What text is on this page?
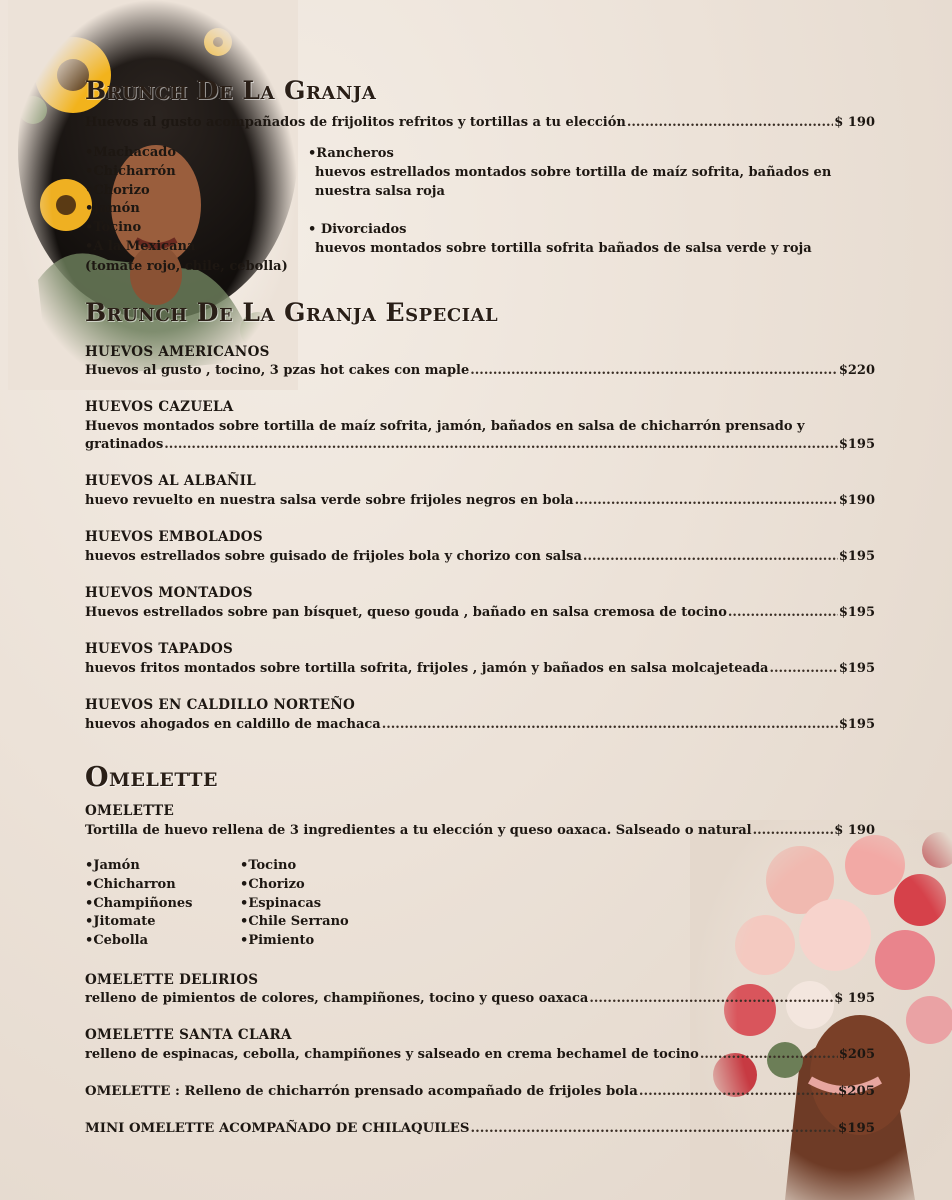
Brunch De La Granja
Huevos al gusto acompañados de frijolitos refritos y tortillas a tu elección .....	$ 190
• Machacado
• Chicharrón
• Chorizo
• Jamón
• Tocino
• A la Mexicana
(tomate rojo, chile, cebolla)
•Rancheros
huevos estrellados montados sobre tortilla de maíz sofrita, bañados en
nuestra salsa roja
• Divorciados
huevos montados sobre tortilla sofrita bañados de salsa verde y roja
Brunch De La Granja Especial
HUEVOS AMERICANOS
Huevos al gusto , tocino, 3 pzas hot cakes con maple .....	$220
HUEVOS CAZUELA
Huevos montados sobre tortilla de maíz sofrita, jamón, bañados en salsa de chicharrón prensado y
gratinados .....	$195
HUEVOS AL ALBAÑIL
huevo revuelto en nuestra salsa verde sobre frijoles negros en bola .....	$190
HUEVOS EMBOLADOS
huevos estrellados sobre guisado de frijoles bola y chorizo con salsa .....	$195
HUEVOS MONTADOS
Huevos estrellados sobre pan bísquet, queso gouda , bañado en salsa cremosa de tocino .....	$195
HUEVOS TAPADOS
huevos fritos montados sobre tortilla sofrita, frijoles , jamón y bañados en salsa molcajeteada .....	$195
HUEVOS EN CALDILLO NORTEÑO
huevos ahogados en caldillo de machaca .....	$195
Omelette
OMELETTE
Tortilla de huevo rellena de 3 ingredientes a tu elección y queso oaxaca. Salseado o natural .....	$ 190
• Jamón
• Chicharron
• Champiñones
• Jitomate
• Cebolla
• Tocino
• Chorizo
• Espinacas
• Chile Serrano
• Pimiento
OMELETTE DELIRIOS
relleno de pimientos de colores, champiñones, tocino y queso oaxaca .....	$ 195
OMELETTE SANTA CLARA
relleno de espinacas, cebolla, champiñones y salseado en crema bechamel de tocino .....	$205
OMELETTE : Relleno de chicharrón prensado acompañado de frijoles bola .....	$205
MINI OMELETTE ACOMPAÑADO DE CHILAQUILES .....	$195
